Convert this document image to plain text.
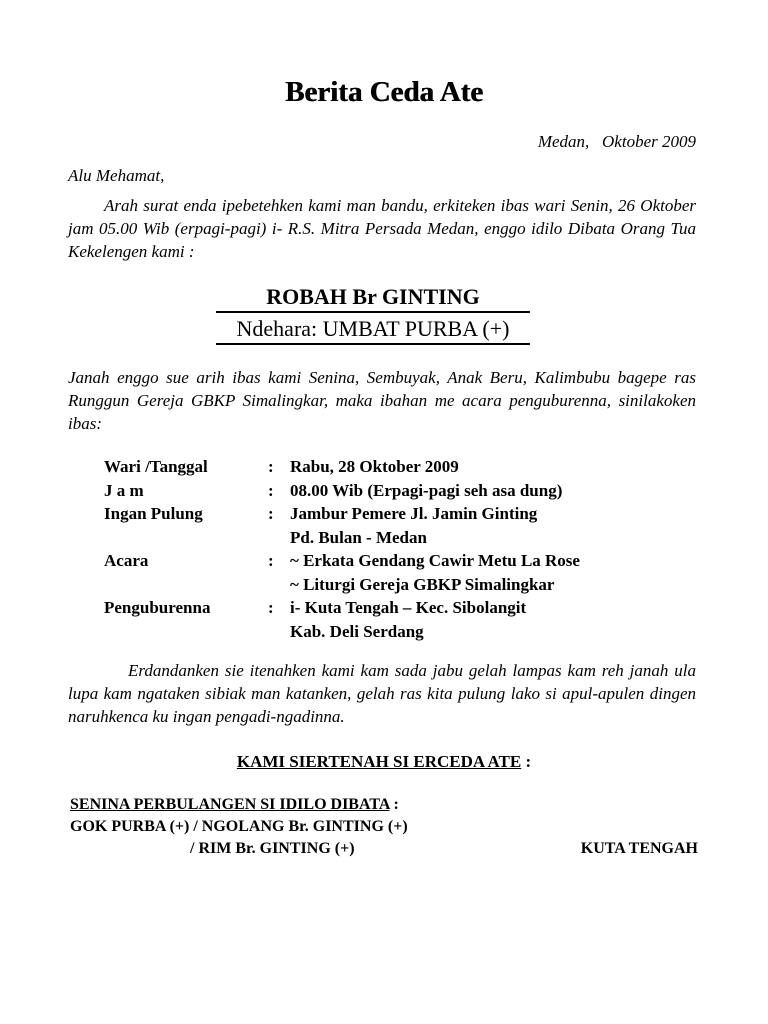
Berita Ceda Ate
Medan,   Oktober 2009
Alu Mehamat,
Arah surat enda ipebetehken kami man bandu, erkiteken ibas wari Senin, 26 Oktober jam 05.00 Wib (erpagi-pagi) i- R.S. Mitra Persada Medan, enggo idilo Dibata Orang Tua Kekelengen kami :
ROBAH Br GINTING
Ndehara: UMBAT PURBA (+)
Janah enggo sue arih ibas kami Senina, Sembuyak, Anak Beru, Kalimbubu bagepe ras Runggun Gereja GBKP Simalingkar, maka ibahan me acara penguburenna, sinilakoken ibas:
Wari /Tanggal	: Rabu, 28 Oktober 2009
J a m	: 08.00 Wib (Erpagi-pagi seh asa dung)
Ingan Pulung	: Jambur Pemere Jl. Jamin Ginting
Pd. Bulan - Medan
Acara	: ~ Erkata Gendang Cawir Metu La Rose
~ Liturgi Gereja GBKP Simalingkar
Penguburenna	: i- Kuta Tengah – Kec. Sibolangit
Kab. Deli Serdang
Erdandanken sie itenahken kami kam sada jabu gelah lampas kam reh janah ula lupa kam ngataken sibiak man katanken, gelah ras kita pulung lako si apul-apulen dingen naruhkenca ku ingan pengadi-ngadinna.
KAMI SIERTENAH SI ERCEDA ATE :
SENINA PERBULANGEN SI IDILO DIBATA :
GOK PURBA (+) / NGOLANG Br. GINTING (+)
/ RIM Br. GINTING (+)	KUTA TENGAH
